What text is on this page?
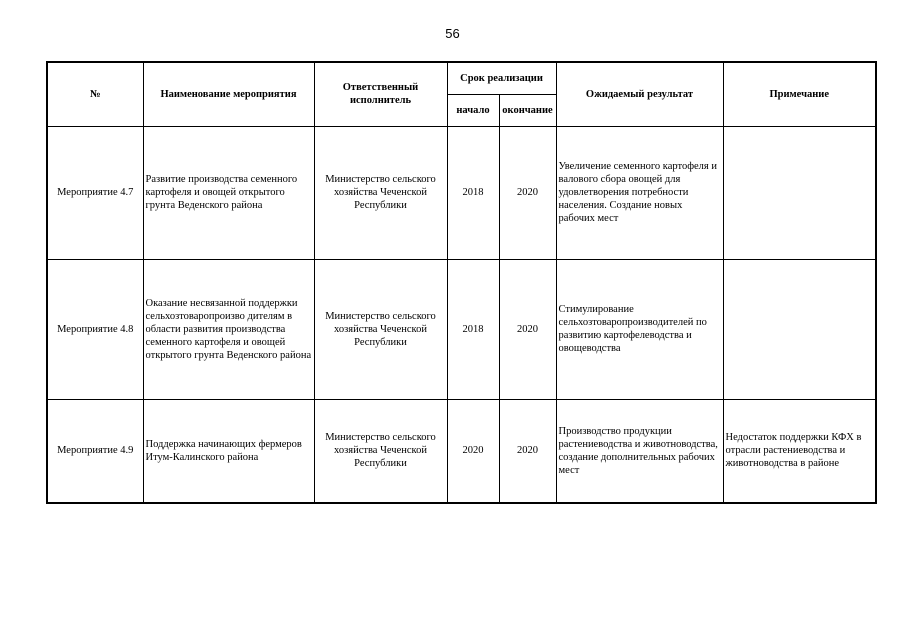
56
№	Наименование мероприятия	Ответственный исполнитель	Срок реализации		Ожидаемый результат	Примечание
			начало	окончание		
Мероприятие 4.7	Развитие производства семенного картофеля и овощей открытого грунта Веденского района	Министерство сельского хозяйства Чеченской Республики	2018	2020	Увеличение семенного картофеля и валового сбора овощей для удовлетворения потребности населения. Создание новых рабочих мест	
Мероприятие 4.8	Оказание несвязанной поддержки сельхозтоваропроизво дителям в области развития производства семенного картофеля и овощей открытого грунта Веденского района	Министерство сельского хозяйства Чеченской Республики	2018	2020	Стимулирование сельхозтоваропроизводителей по развитию картофелеводства и овощеводства	
Мероприятие 4.9	Поддержка начинающих фермеров Итум-Калинского района	Министерство сельского хозяйства Чеченской Республики	2020	2020	Производство продукции растениеводства и животноводства, создание дополнительных рабочих мест	Недостаток поддержки КФХ в отрасли растениеводства и животноводства в районе
